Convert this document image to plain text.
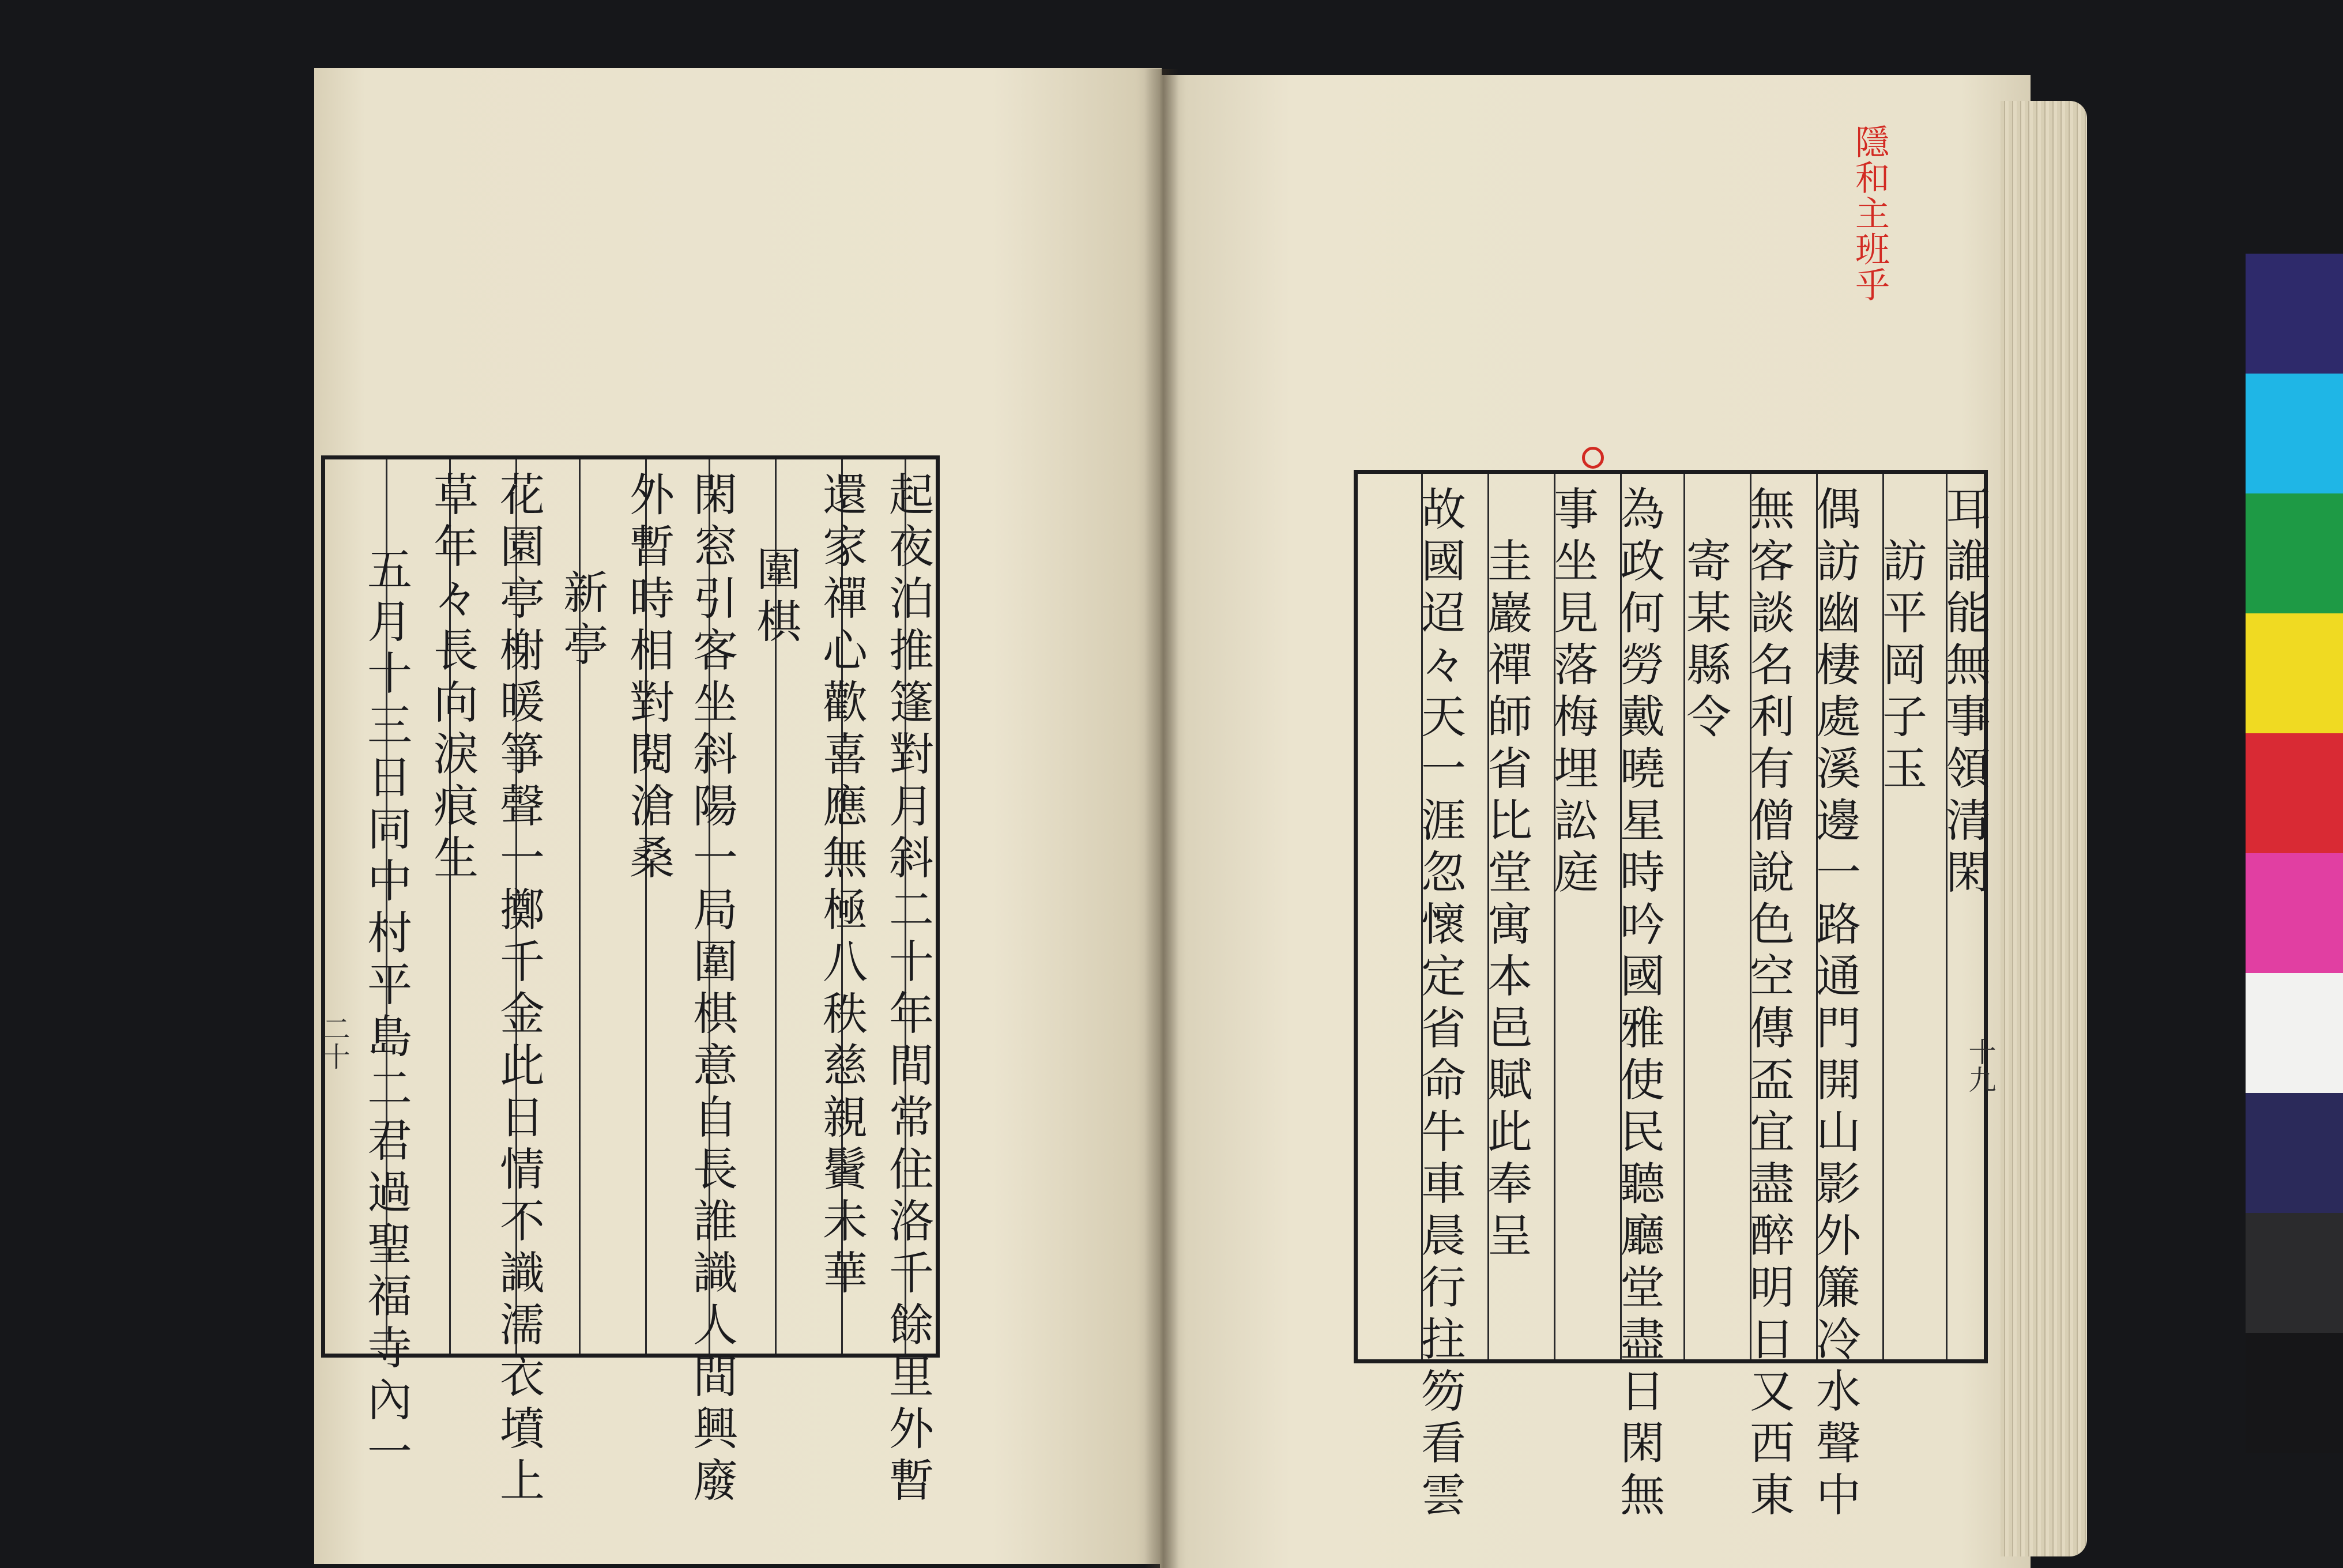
起夜泊推篷對月斜二十年間常住洛千餘里外暫
還家禪心歡喜應無極八秩慈親鬢未華
圍棋
閑窓引客坐斜陽一局圍棋意自長誰識人間興廢
外暫時相對閱滄桑
新亭
花園亭榭暖箏聲一擲千金此日情不識濡衣墳上
草年々長向淚痕生
五月十三日同中村平島二君過聖福寺內一
二十
耳誰能無事領清閑
訪平岡子玉
偶訪幽棲處溪邊一路通門開山影外簾冷水聲中
無客談名利有僧說色空傳盃宜盡醉明日又西東
寄某縣令
為政何勞戴曉星時吟國雅使民聽廳堂盡日閑無
事坐見落梅埋訟庭
圭巖禪師省比堂寓本邑賦此奉呈
故國迢々天一涯忽懷定省命牛車晨行拄笏看雲	十九
隱和主班乎
